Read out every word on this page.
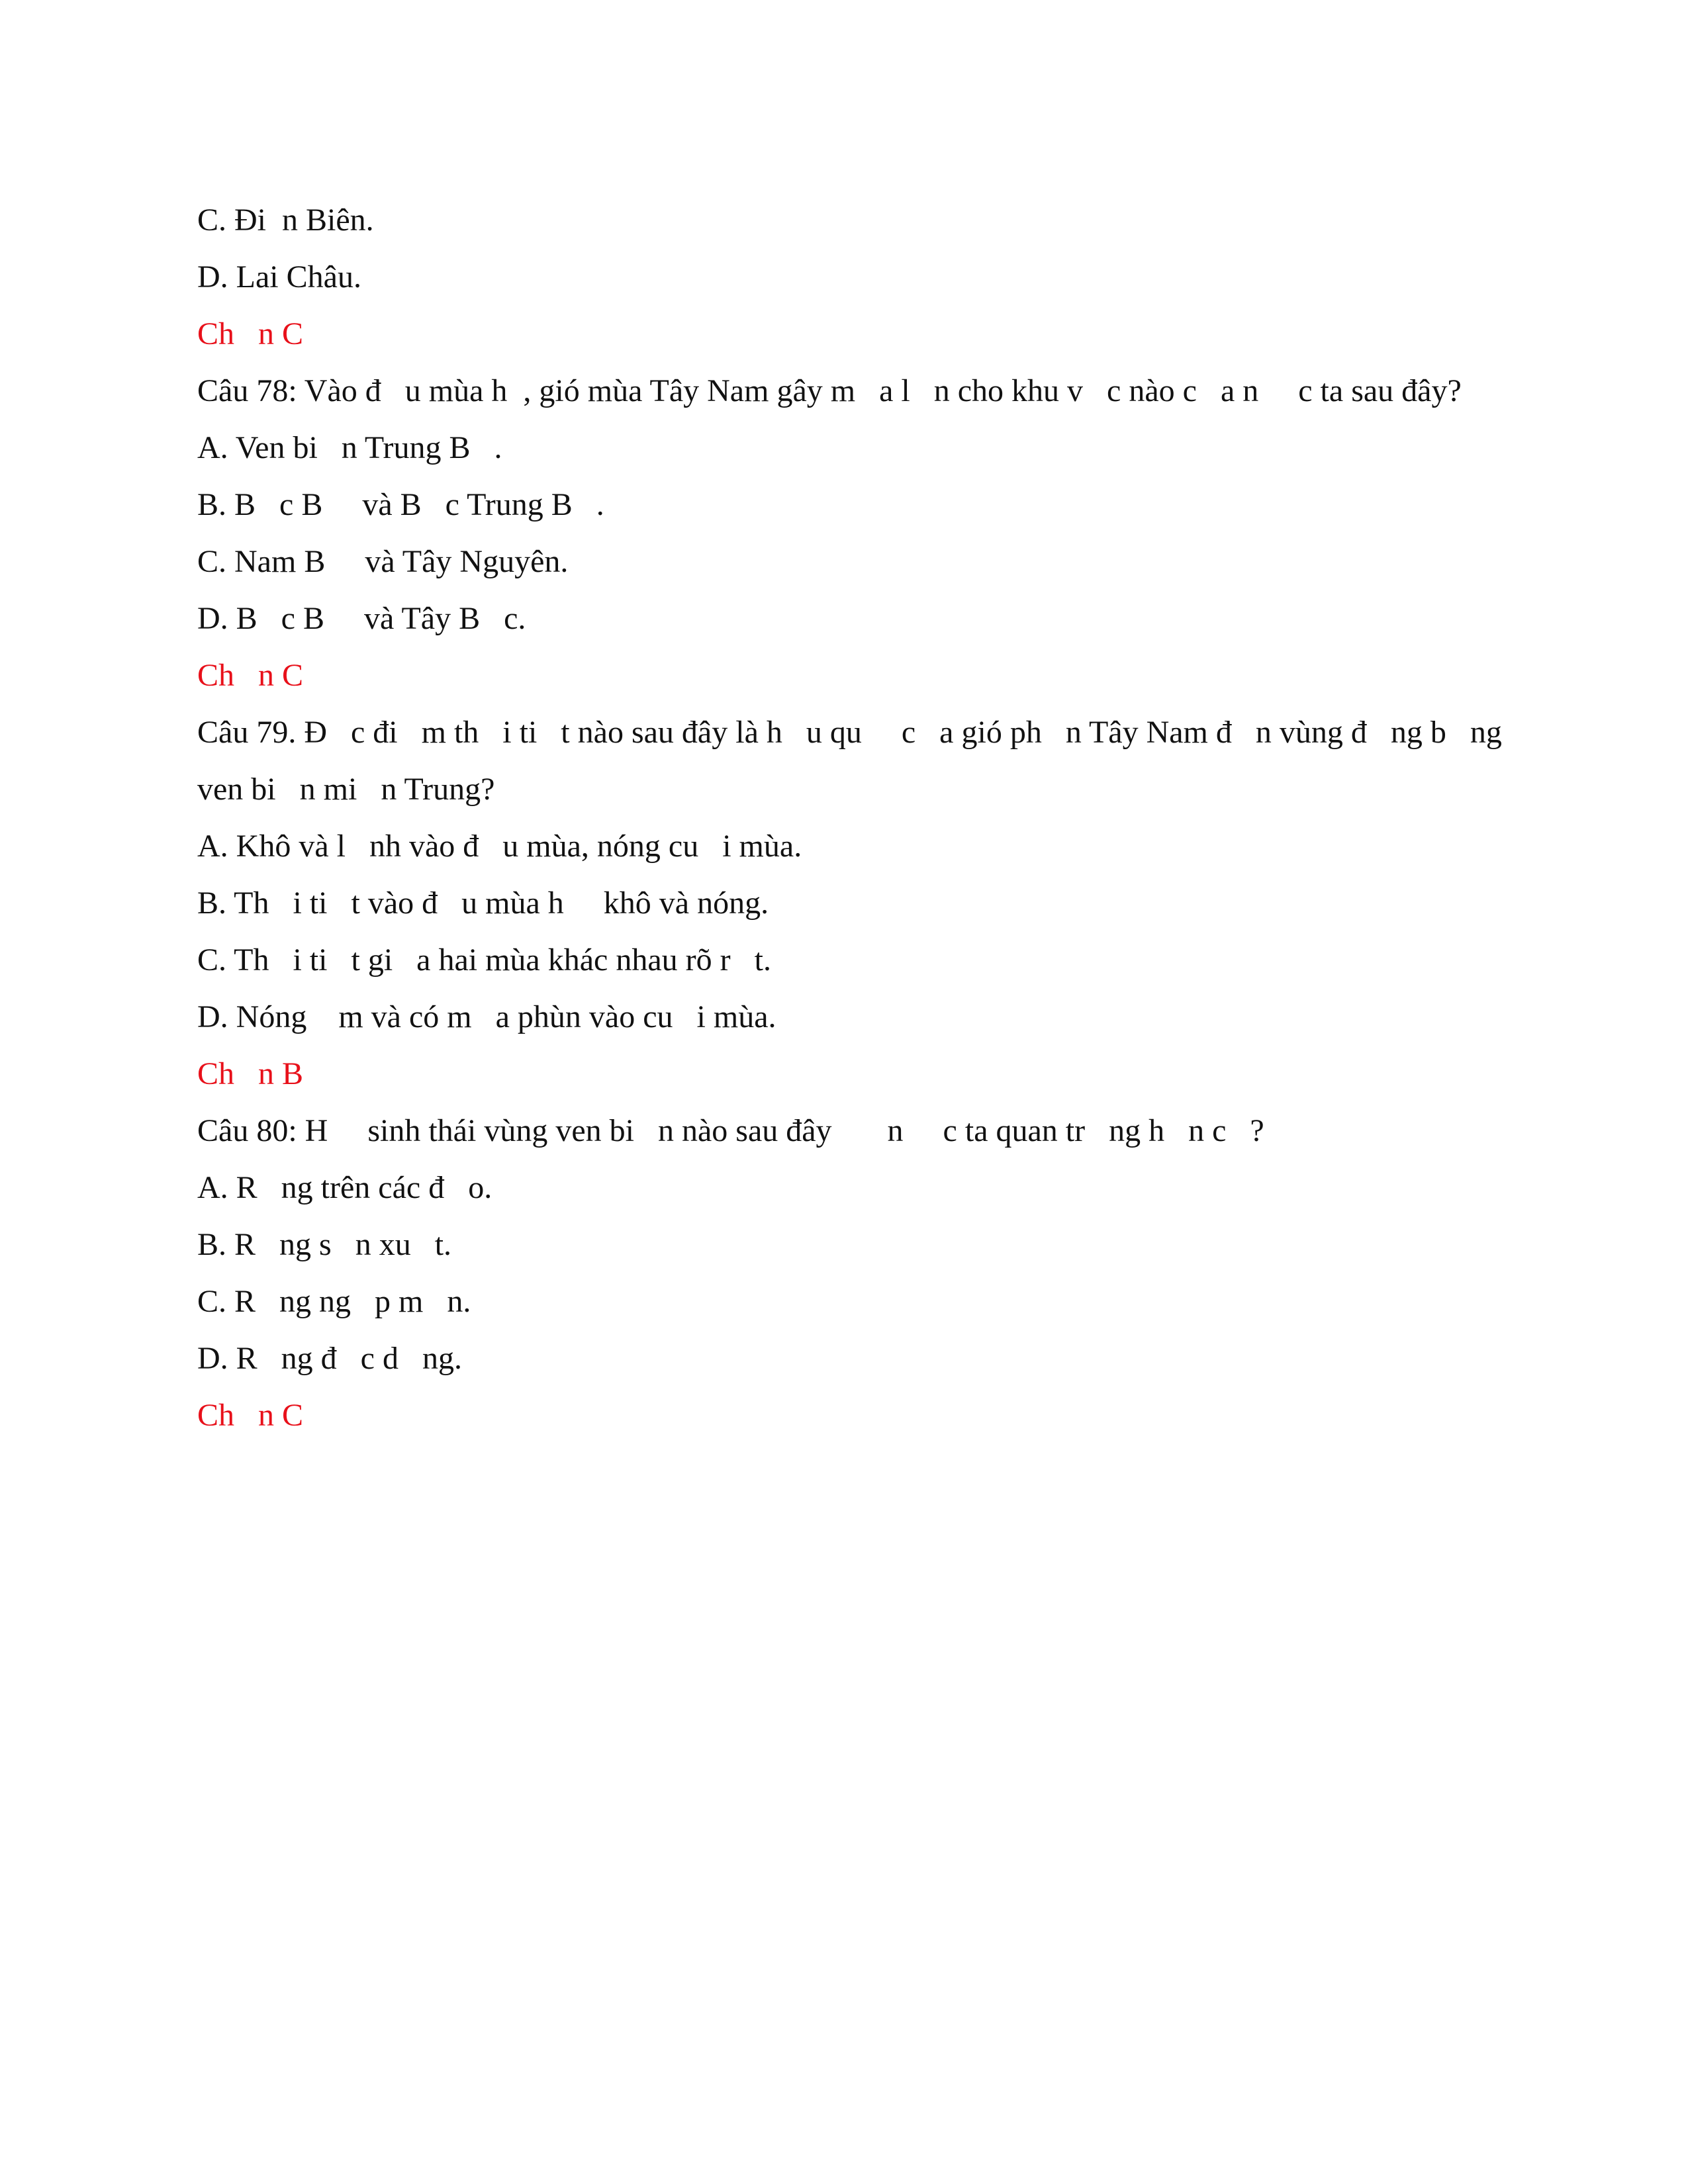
C. Đi  n Biên.

D. Lai Châu.

Ch   n C

Câu 78: Vào đ   u mùa h  , gió mùa Tây Nam gây m   a l   n cho khu v   c nào c   a n     c ta sau đây?

A. Ven bi   n Trung B   .

B. B   c B     và B   c Trung B   .

C. Nam B     và Tây Nguyên.

D. B   c B     và Tây B   c.

Ch   n C

Câu 79. Đ   c đi   m th   i ti   t nào sau đây là h   u qu     c   a gió ph   n Tây Nam đ   n vùng đ   ng b   ng

ven bi   n mi   n Trung?

A. Khô và l   nh vào đ   u mùa, nóng cu   i mùa.

B. Th   i ti   t vào đ   u mùa h     khô và nóng.

C. Th   i ti   t gi   a hai mùa khác nhau rõ r   t.

D. Nóng    m và có m   a phùn vào cu   i mùa.

Ch   n B

Câu 80: H     sinh thái vùng ven bi   n nào sau đây       n     c ta quan tr   ng h   n c   ?

A. R   ng trên các đ   o.

B. R   ng s   n xu   t.

C. R   ng ng   p m   n.

D. R   ng đ   c d   ng.

Ch   n C
